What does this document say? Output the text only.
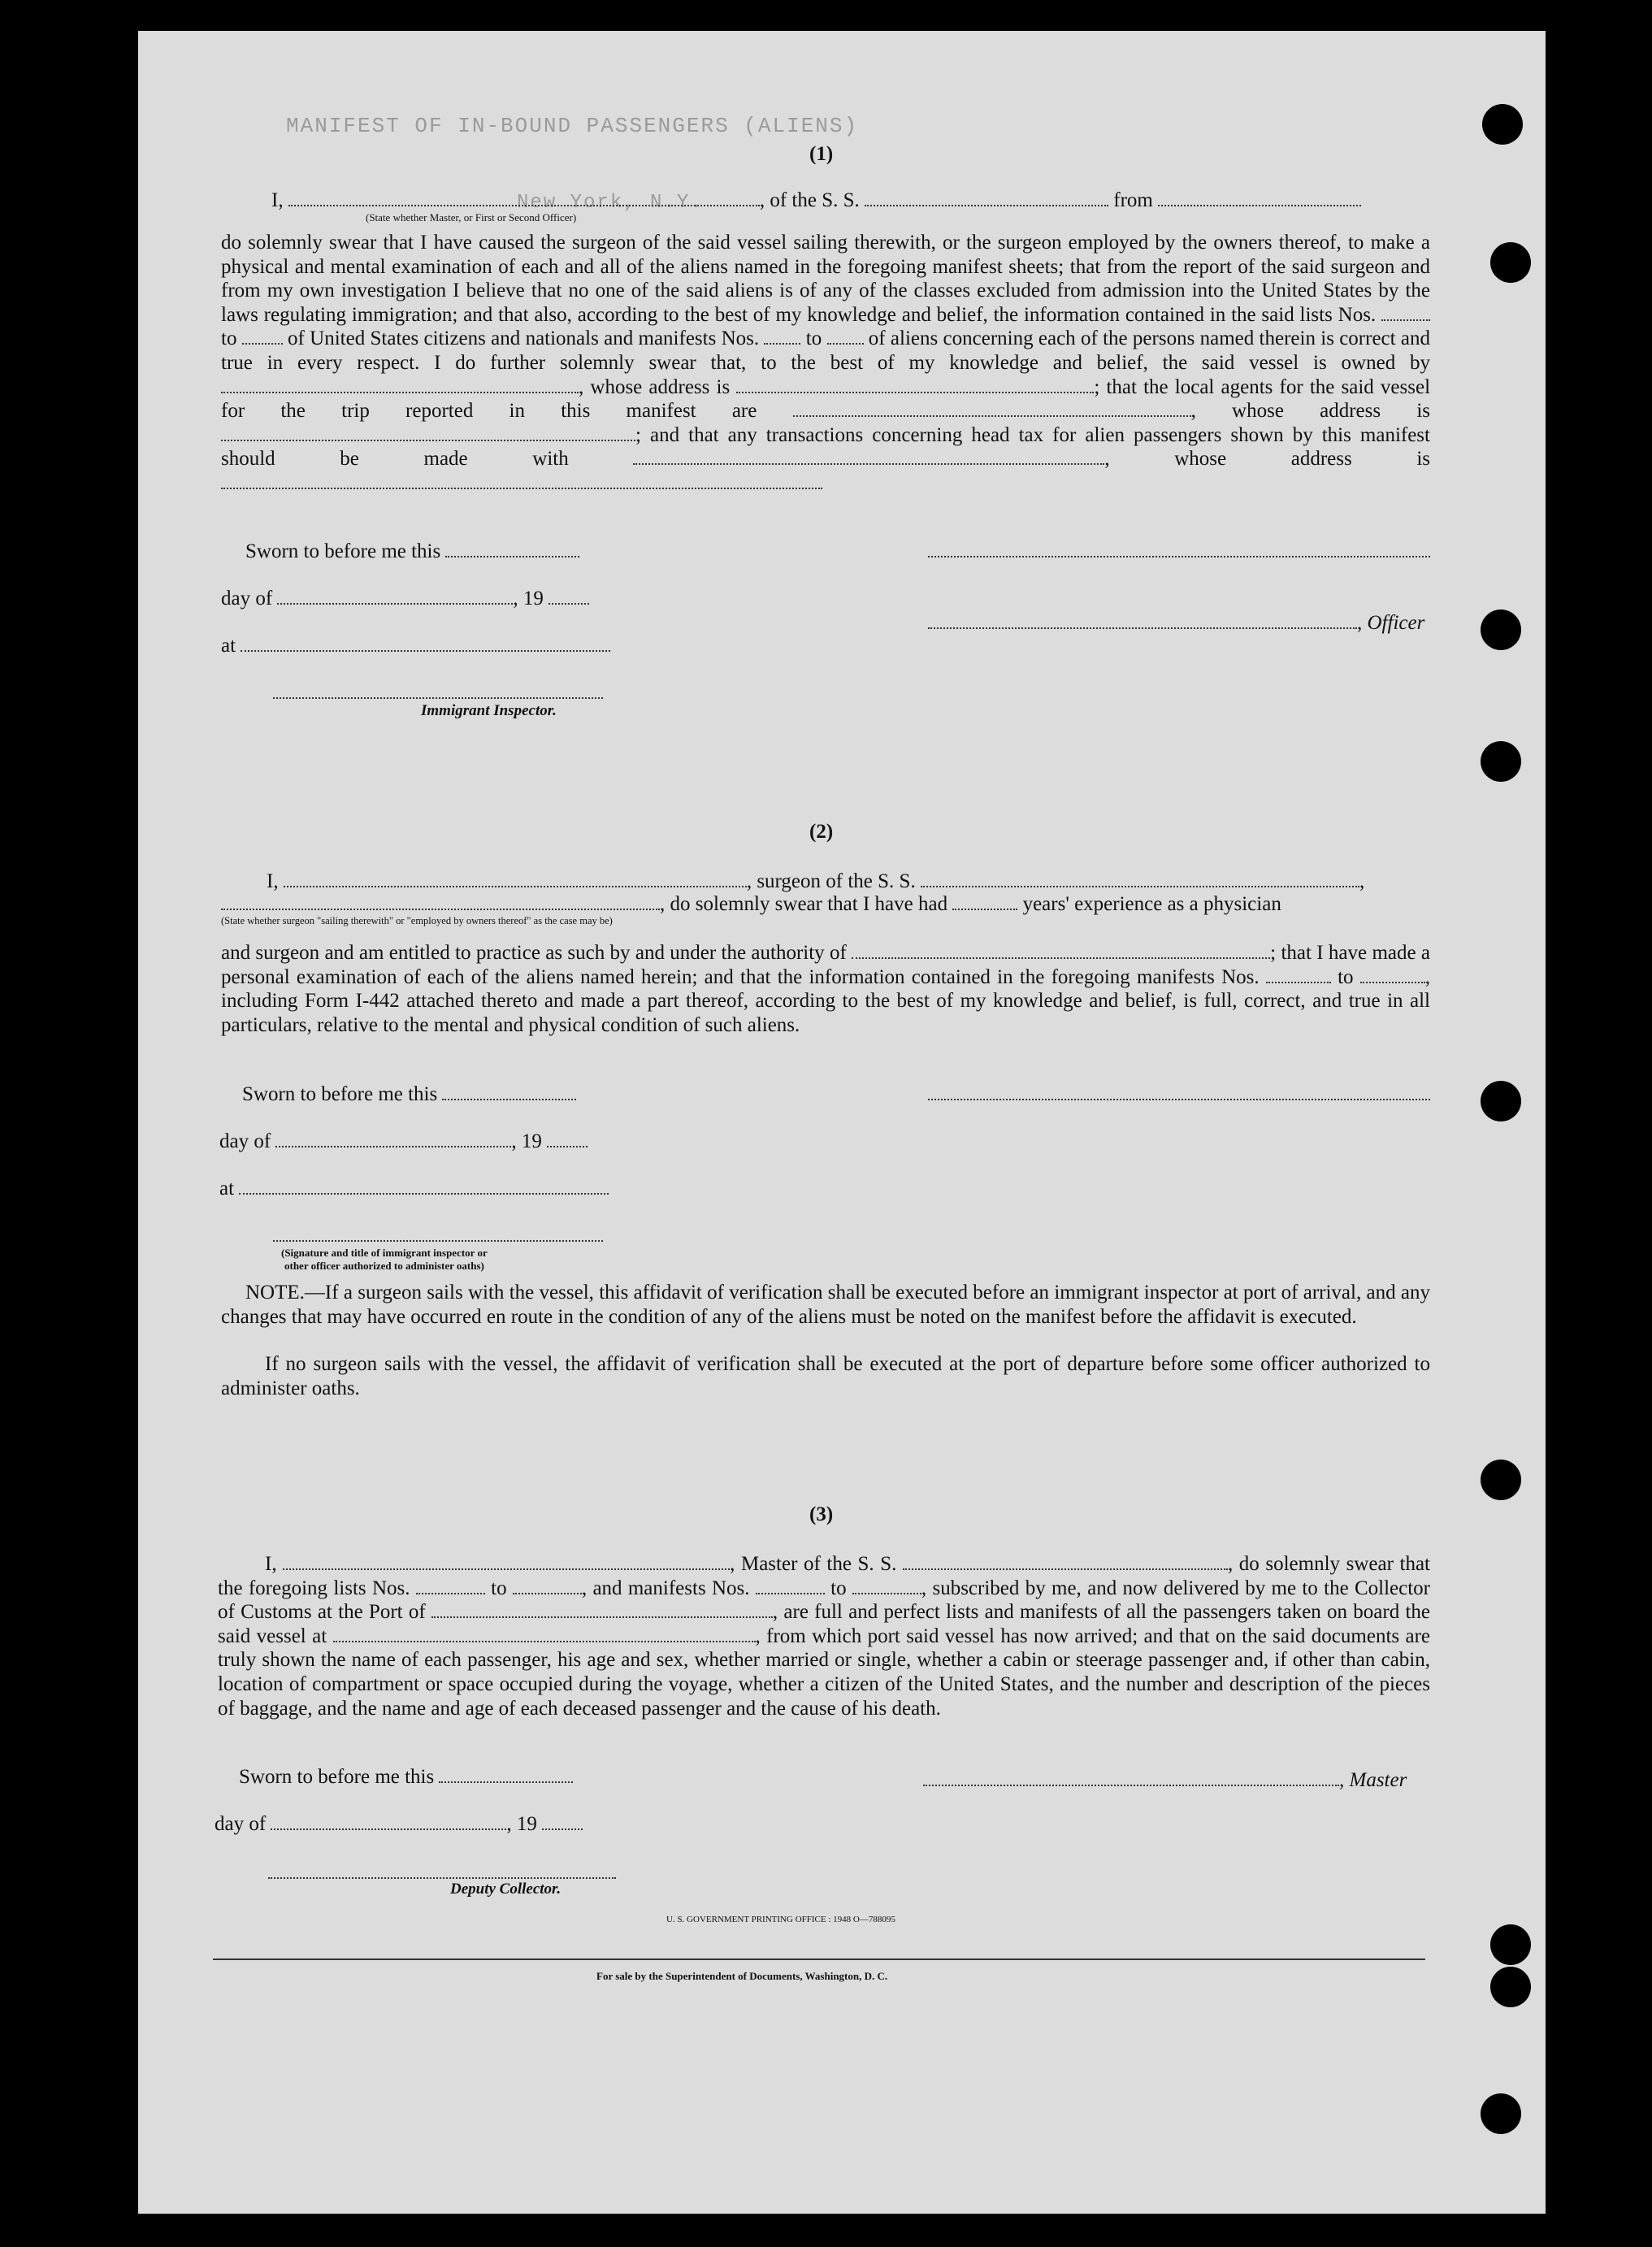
MANIFEST OF IN-BOUND PASSENGERS (ALIENS)
New York, N.Y.
(1)
I,	, of the S. S.	from
(State whether Master, or First or Second Officer)
do solemnly swear that I have caused the surgeon of the said vessel sailing therewith, or the surgeon employed by the owners thereof, to make a physical and mental examination of each and all of the aliens named in the foregoing manifest sheets; that from the report of the said surgeon and from my own investigation I believe that no one of the said aliens is of any of the classes excluded from admission into the United States by the laws regulating immigration; and that also, according to the best of my knowledge and belief, the information contained in the said lists Nos.  to	of United States citizens and nationals and manifests Nos. to of aliens concerning each of the persons named therein is correct and true in every respect. I do further solemnly swear that, to the best of my knowledge and belief, the said vessel is owned by , whose address is	; that the local agents for the said vessel for the trip reported in this manifest are	, whose address is ; and that any transactions concerning head tax for alien passengers shown by this manifest should be made with	, whose address is
Sworn to before me this
day of	, 19
, Officer
at
Immigrant Inspector.
(2)
I,	, surgeon of the S. S.	,
, do solemnly swear that I have had	years' experience as a physician
(State whether surgeon "sailing therewith" or "employed by owners thereof" as the case may be)
and surgeon and am entitled to practice as such by and under the authority of	; that I have made a personal examination of each of the aliens named herein; and that the information contained in the foregoing manifests Nos.	to	, including Form I-442 attached thereto and made a part thereof, according to the best of my knowledge and belief, is full, correct, and true in all particulars, relative to the mental and physical condition of such aliens.
Sworn to before me this
day of	, 19
at
(Signature and title of immigrant inspector or
other officer authorized to administer oaths)
NOTE.—If a surgeon sails with the vessel, this affidavit of verification shall be executed before an immigrant inspector at port of arrival, and any changes that may have occurred en route in the condition of any of the aliens must be noted on the manifest before the affidavit is executed.
If no surgeon sails with the vessel, the affidavit of verification shall be executed at the port of departure before some officer authorized to administer oaths.
(3)
I,	, Master of the S. S.	, do solemnly swear that the foregoing lists Nos.	to	, and manifests Nos.	to	, subscribed by me, and now delivered by me to the Collector of Customs at the Port of	, are full and perfect lists and manifests of all the passengers taken on board the said vessel at	, from which port said vessel has now arrived; and that on the said documents are truly shown the name of each passenger, his age and sex, whether married or single, whether a cabin or steerage passenger and, if other than cabin, location of compartment or space occupied during the voyage, whether a citizen of the United States, and the number and description of the pieces of baggage, and the name and age of each deceased passenger and the cause of his death.
Sworn to before me this	, Master
day of	, 19
Deputy Collector.
U. S. GOVERNMENT PRINTING OFFICE : 1948 O—788095
For sale by the Superintendent of Documents, Washington, D. C.
